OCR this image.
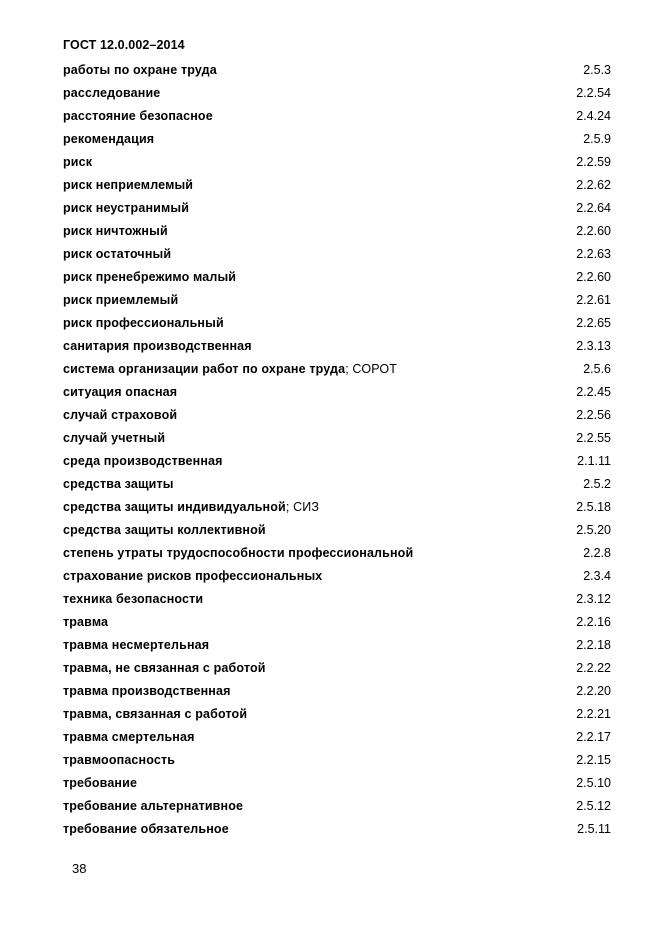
ГОСТ 12.0.002–2014
работы по охране труда	2.5.3
расследование	2.2.54
расстояние безопасное	2.4.24
рекомендация	2.5.9
риск	2.2.59
риск неприемлемый	2.2.62
риск неустранимый	2.2.64
риск ничтожный	2.2.60
риск остаточный	2.2.63
риск пренебрежимо малый	2.2.60
риск приемлемый	2.2.61
риск профессиональный	2.2.65
санитария производственная	2.3.13
система организации работ по охране труда; СОРОТ	2.5.6
ситуация опасная	2.2.45
случай страховой	2.2.56
случай учетный	2.2.55
среда производственная	2.1.11
средства защиты	2.5.2
средства защиты индивидуальной; СИЗ	2.5.18
средства защиты коллективной	2.5.20
степень утраты трудоспособности профессиональной	2.2.8
страхование рисков профессиональных	2.3.4
техника безопасности	2.3.12
травма	2.2.16
травма несмертельная	2.2.18
травма, не связанная с работой	2.2.22
травма производственная	2.2.20
травма, связанная с работой	2.2.21
травма смертельная	2.2.17
травмоопасность	2.2.15
требование	2.5.10
требование альтернативное	2.5.12
требование обязательное	2.5.11
38
